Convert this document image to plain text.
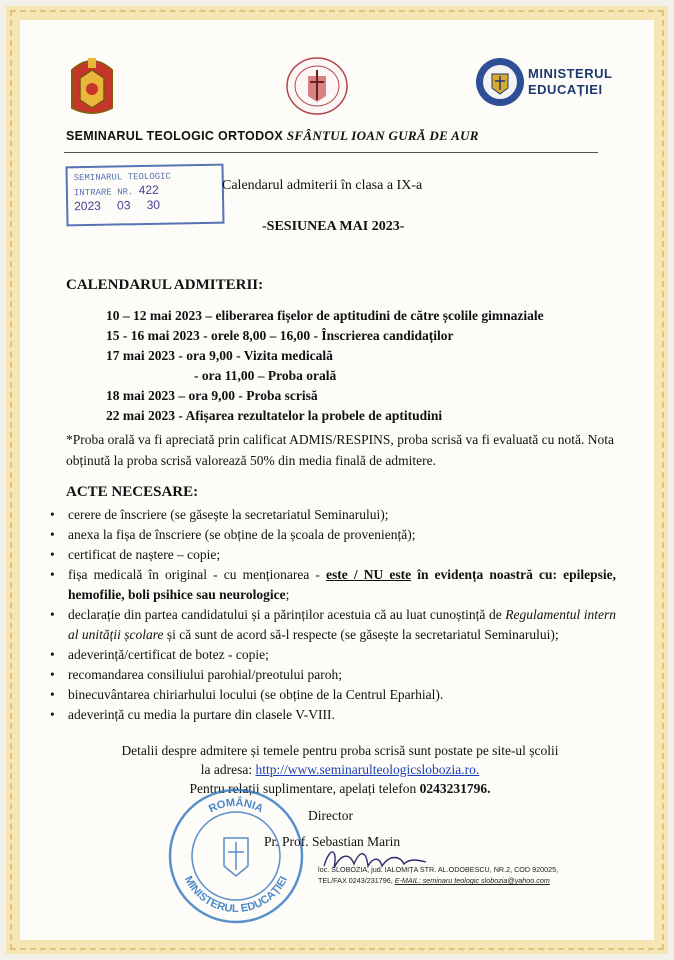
MINISTERUL
EDUCAȚIEI
SEMINARUL TEOLOGIC ORTODOX SFÂNTUL IOAN GURĂ DE AUR
SEMINARUL TEOLOGIC
INTRARE NR. 422
2023 03 30
Calendarul admiterii în clasa a IX-a
-SESIUNEA MAI 2023-
CALENDARUL ADMITERII:
10 – 12 mai 2023 – eliberarea fișelor de aptitudini de către școlile gimnaziale
15 - 16 mai 2023 - orele 8,00 – 16,00 - Înscrierea candidaților
17 mai 2023 - ora 9,00 - Vizita medicală
- ora 11,00 – Proba orală
18 mai 2023 – ora 9,00 - Proba scrisă
22 mai 2023 - Afișarea rezultatelor la probele de aptitudini
*Proba orală va fi apreciată prin calificat ADMIS/RESPINS, proba scrisă va fi evaluată cu notă. Nota obținută la proba scrisă valorează 50% din media finală de admitere.
ACTE NECESARE:
• cerere de înscriere (se găsește la secretariatul Seminarului);
• anexa la fișa de înscriere (se obține de la școala de proveniență);
• certificat de naștere – copie;
• fișa medicală în original - cu menționarea - este / NU este în evidența noastră cu: epilepsie, hemofilie, boli psihice sau neurologice;
• declarație din partea candidatului și a părinților acestuia că au luat cunoștință de Regulamentul intern al unității școlare și că sunt de acord să-l respecte (se găsește la secretariatul Seminarului);
• adeverință/certificat de botez - copie;
• recomandarea consiliului parohial/preotului paroh;
• binecuvântarea chiriarhului locului (se obține de la Centrul Eparhial).
• adeverință cu media la purtare din clasele V-VIII.
Detalii despre admitere și temele pentru proba scrisă sunt postate pe site-ul școlii
la adresa: http://www.seminarulteologicslobozia.ro.
Pentru relații suplimentare, apelați telefon 0243231796.
ROMÂNIA
MINISTERUL EDUCAȚIEI
Director
Pr. Prof. Sebastian Marin
loc. SLOBOZIA, jud. IALOMIȚA STR. AL.ODOBESCU, NR.2, COD 920025,
TEL/FAX 0243/231796, E-MAIL: seminaru teologic slobozia@yahoo.com
